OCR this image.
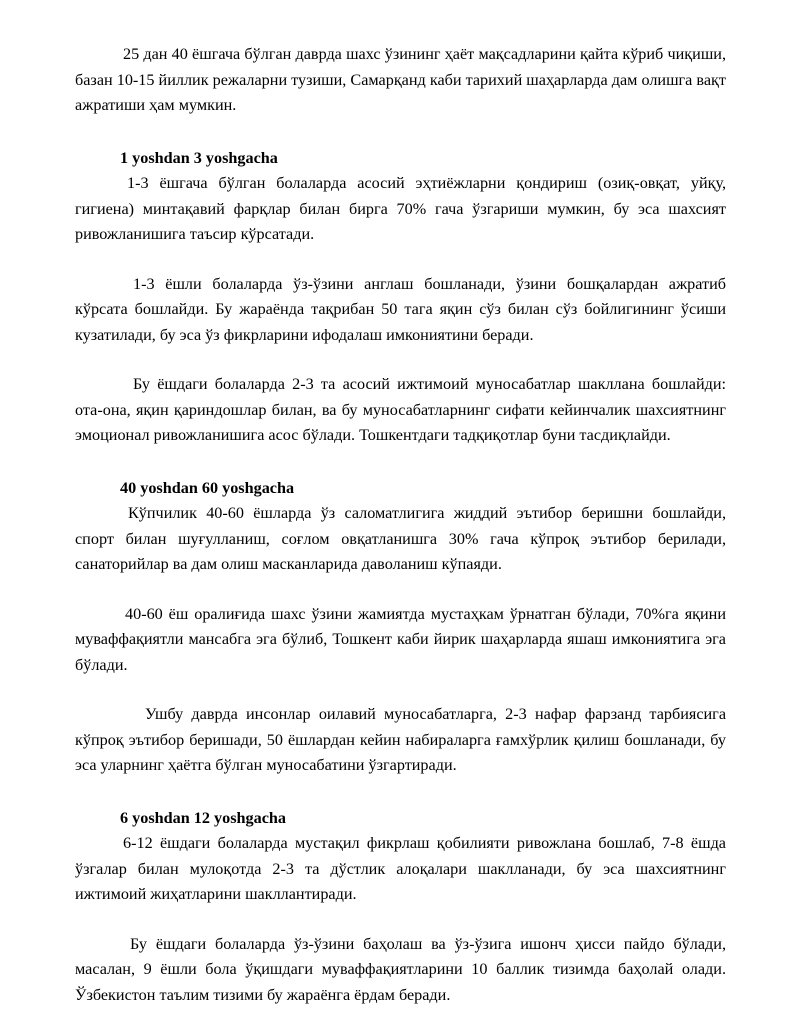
25 дан 40 ёшгача бўлган даврда шахс ўзининг ҳаёт мақсадларини қайта кўриб чиқиши, базан 10-15 йиллик режаларни тузиши, Самарқанд каби тарихий шаҳарларда дам олишга вақт ажратиши ҳам мумкин.

1 yoshdan 3 yoshgacha

1-3 ёшгача бўлган болаларда асосий эҳтиёжларни қондириш (озиқ-овқат, уйқу, гигиена) минтақавий фарқлар билан бирга 70% гача ўзгариши мумкин, бу эса шахсият ривожланишига таъсир кўрсатади.

1-3 ёшли болаларда ўз-ўзини англаш бошланади, ўзини бошқалардан ажратиб кўрсата бошлайди. Бу жараёнда тақрибан 50 тага яқин сўз билан сўз бойлигининг ўсиши кузатилади, бу эса ўз фикрларини ифодалаш имкониятини беради.

Бу ёшдаги болаларда 2-3 та асосий ижтимоий муносабатлар шакллана бошлайди: ота-она, яқин қариндошлар билан, ва бу муносабатларнинг сифати кейинчалик шахсиятнинг эмоционал ривожланишига асос бўлади. Тошкентдаги тадқиқотлар буни тасдиқлайди.

40 yoshdan 60 yoshgacha

Кўпчилик 40-60 ёшларда ўз саломатлигига жиддий эътибор беришни бошлайди, спорт билан шуғулланиш, соғлом овқатланишга 30% гача кўпроқ эътибор берилади, санаторийлар ва дам олиш масканларида даволаниш кўпаяди.

40-60 ёш оралиғида шахс ўзини жамиятда мустаҳкам ўрнатган бўлади, 70%га яқини муваффақиятли мансабга эга бўлиб, Тошкент каби йирик шаҳарларда яшаш имкониятига эга бўлади.

Ушбу даврда инсонлар оилавий муносабатларга, 2-3 нафар фарзанд тарбиясига кўпроқ эътибор беришади, 50 ёшлардан кейин набираларга ғамхўрлик қилиш бошланади, бу эса уларнинг ҳаётга бўлган муносабатини ўзгартиради.

6 yoshdan 12 yoshgacha

6-12 ёшдаги болаларда мустақил фикрлаш қобилияти ривожлана бошлаб, 7-8 ёшда ўзгалар билан мулоқотда 2-3 та дўстлик алоқалари шаклланади, бу эса шахсиятнинг ижтимоий жиҳатларини шакллантиради.

Бу ёшдаги болаларда ўз-ўзини баҳолаш ва ўз-ўзига ишонч ҳисси пайдо бўлади, масалан, 9 ёшли бола ўқишдаги муваффақиятларини 10 баллик тизимда баҳолай олади. Ўзбекистон таълим тизими бу жараёнга ёрдам беради.
